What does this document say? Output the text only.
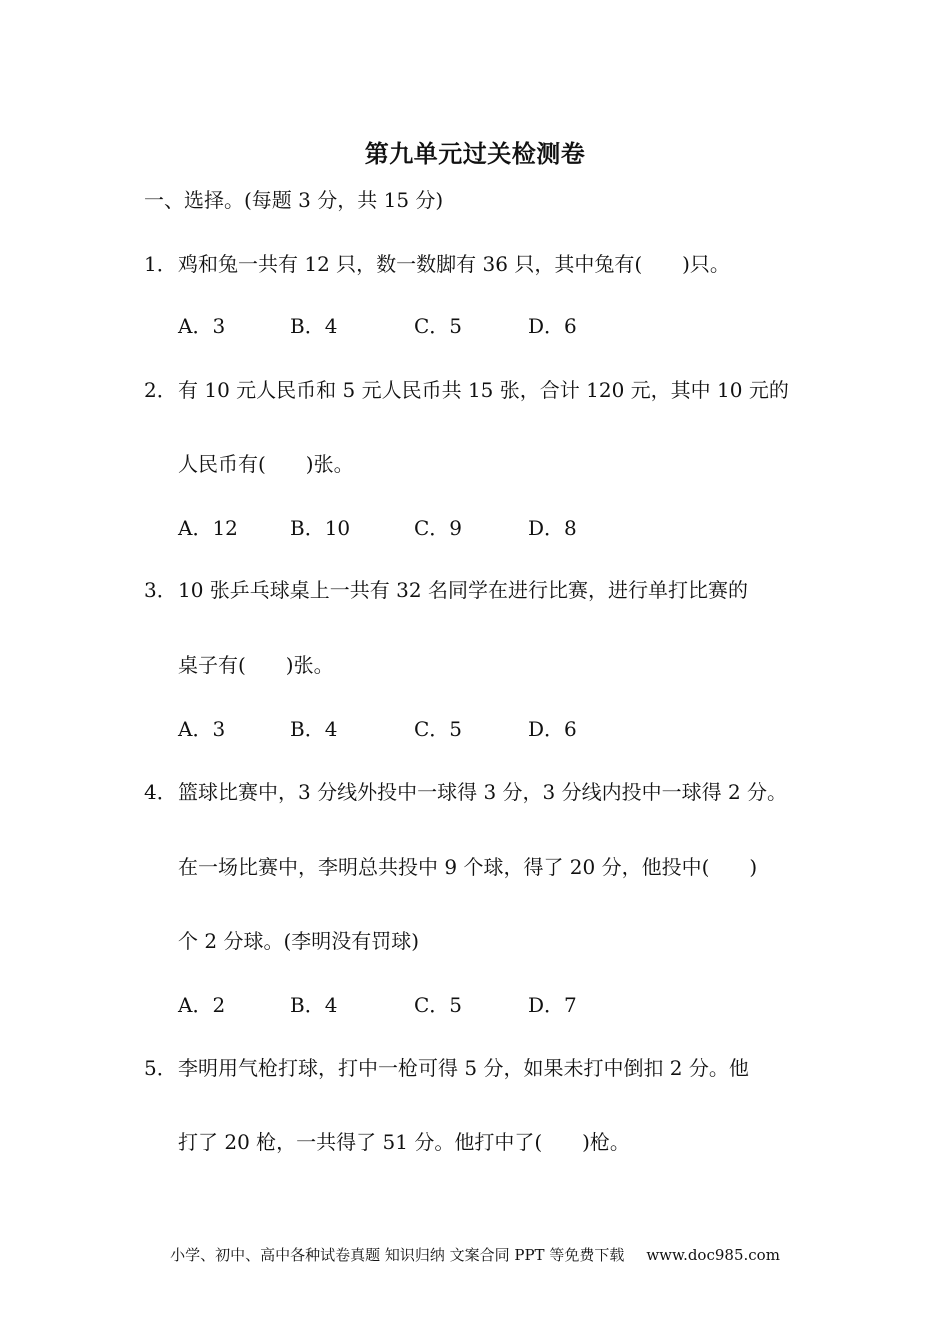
第九单元过关检测卷
一、选择。(每题 3 分，共 15 分)
1．鸡和兔一共有 12 只，数一数脚有 36 只，其中兔有(　　)只。
A．3	B．4	C．5	D．6
2．有 10 元人民币和 5 元人民币共 15 张，合计 120 元，其中 10 元的
人民币有(　　)张。
A．12	B．10	C．9	D．8
3．10 张乒乓球桌上一共有 32 名同学在进行比赛，进行单打比赛的
桌子有(　　)张。
A．3	B．4	C．5	D．6
4．篮球比赛中，3 分线外投中一球得 3 分，3 分线内投中一球得 2 分。
在一场比赛中，李明总共投中 9 个球，得了 20 分，他投中(　　)
个 2 分球。(李明没有罚球)
A．2	B．4	C．5	D．7
5．李明用气枪打球，打中一枪可得 5 分，如果未打中倒扣 2 分。他
打了 20 枪，一共得了 51 分。他打中了(　　)枪。
小学、初中、高中各种试卷真题 知识归纳 文案合同 PPT 等免费下载 www.doc985.com
